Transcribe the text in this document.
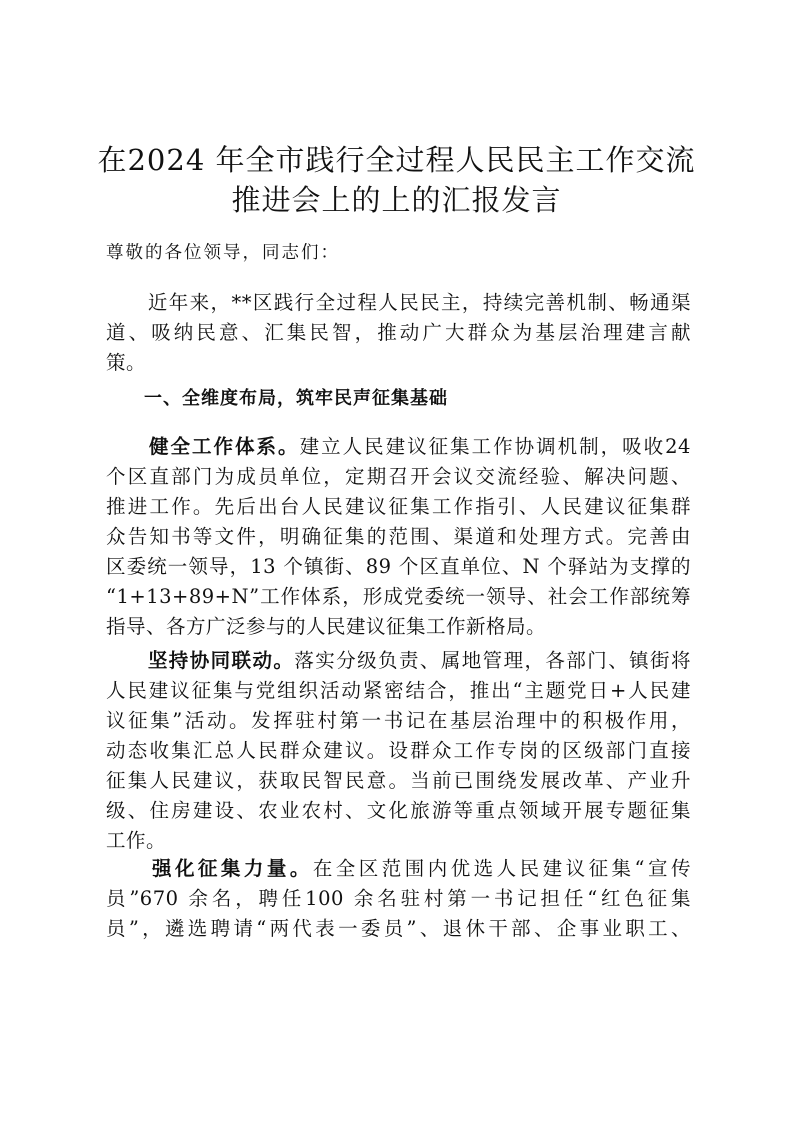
在2024 年全市践行全过程人民民主工作交流
推进会上的上的汇报发言
尊敬的各位领导，同志们：
　　近年来，**区践行全过程人民民主，持续完善机制、畅通渠
道、吸纳民意、汇集民智，推动广大群众为基层治理建言献
策。
一、全维度布局，筑牢民声征集基础
　　健全工作体系。建立人民建议征集工作协调机制，吸收24
个区直部门为成员单位，定期召开会议交流经验、解决问题、
推进工作。先后出台人民建议征集工作指引、人民建议征集群
众告知书等文件，明确征集的范围、渠道和处理方式。完善由
区委统一领导，13 个镇街、89 个区直单位、N 个驿站为支撑的
“1+13+89+N”工作体系，形成党委统一领导、社会工作部统筹
指导、各方广泛参与的人民建议征集工作新格局。
　　坚持协同联动。落实分级负责、属地管理，各部门、镇街将
人民建议征集与党组织活动紧密结合，推出“主题党日+人民建
议征集”活动。发挥驻村第一书记在基层治理中的积极作用，
动态收集汇总人民群众建议。设群众工作专岗的区级部门直接
征集人民建议，获取民智民意。当前已围绕发展改革、产业升
级、住房建设、农业农村、文化旅游等重点领域开展专题征集
工作。
　　强化征集力量。在全区范围内优选人民建议征集“宣传
员”670 余名，聘任100 余名驻村第一书记担任“红色征集
员”，遴选聘请“两代表一委员”、退休干部、企事业职工、
